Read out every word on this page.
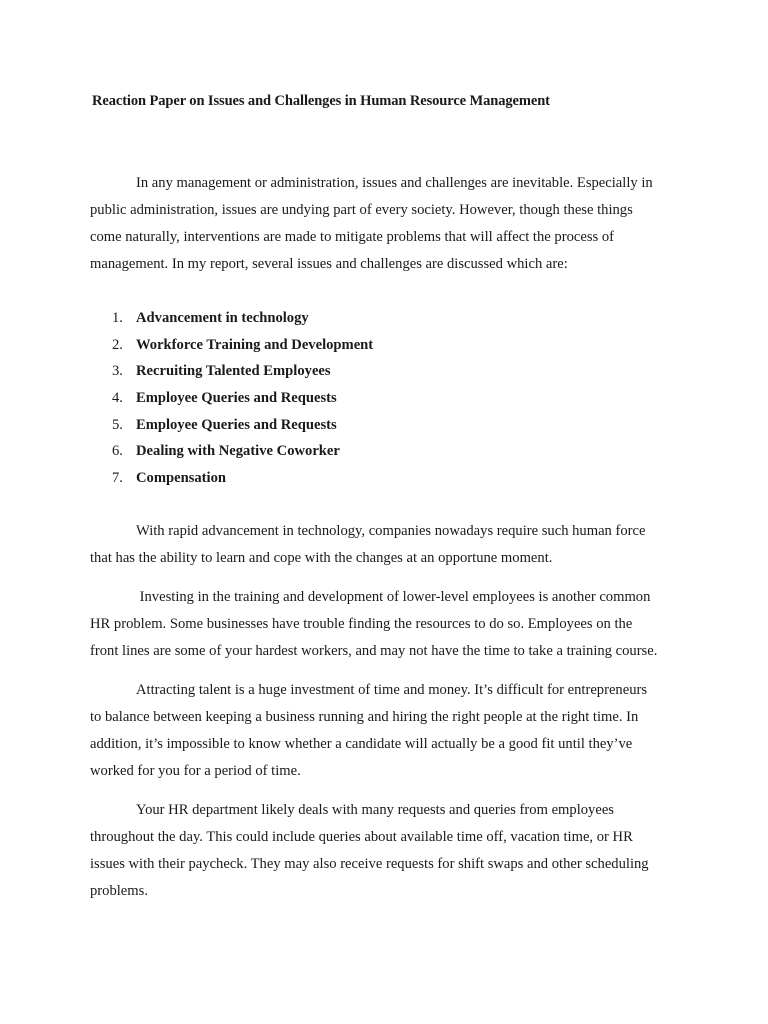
Reaction Paper on Issues and Challenges in Human Resource Management

In any management or administration, issues and challenges are inevitable. Especially in
public administration, issues are undying part of every society. However, though these things
come naturally, interventions are made to mitigate problems that will affect the process of
management. In my report, several issues and challenges are discussed which are:

1. Advancement in technology
2. Workforce Training and Development
3. Recruiting Talented Employees
4. Employee Queries and Requests
5. Employee Queries and Requests
6. Dealing with Negative Coworker
7. Compensation

With rapid advancement in technology, companies nowadays require such human force
that has the ability to learn and cope with the changes at an opportune moment.

Investing in the training and development of lower-level employees is another common
HR problem. Some businesses have trouble finding the resources to do so. Employees on the
front lines are some of your hardest workers, and may not have the time to take a training course.

Attracting talent is a huge investment of time and money. It’s difficult for entrepreneurs
to balance between keeping a business running and hiring the right people at the right time. In
addition, it’s impossible to know whether a candidate will actually be a good fit until they’ve
worked for you for a period of time.

Your HR department likely deals with many requests and queries from employees
throughout the day. This could include queries about available time off, vacation time, or HR
issues with their paycheck. They may also receive requests for shift swaps and other scheduling
problems.
